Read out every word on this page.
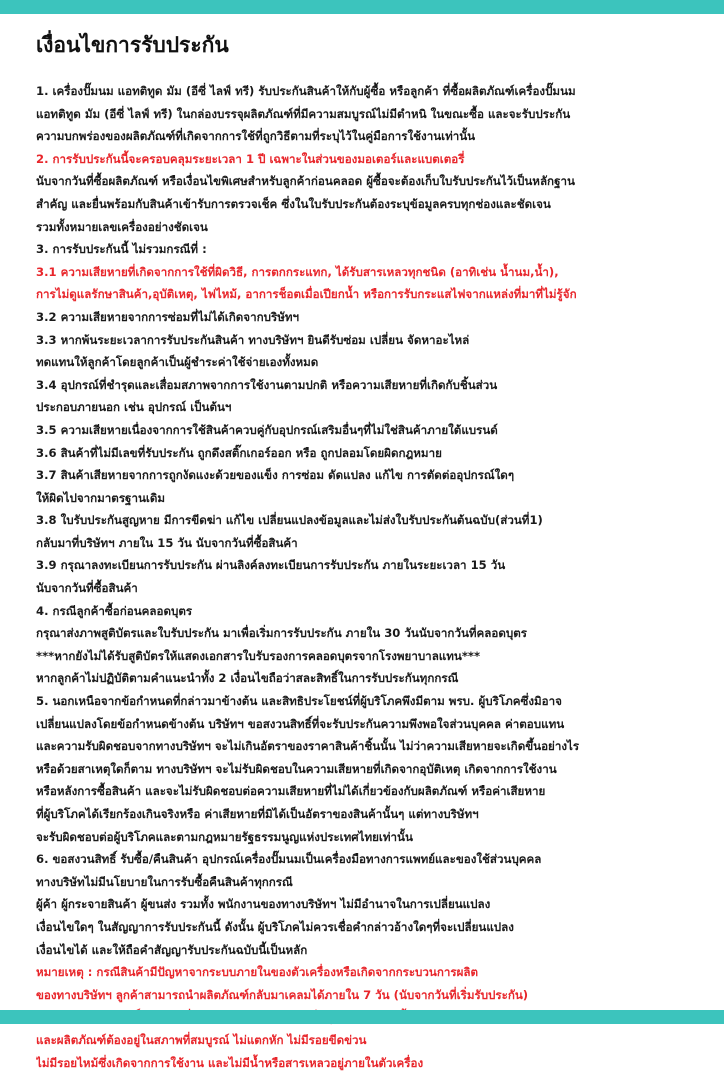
เงื่อนไขการรับประกัน
1. เครื่องปั๊มนม แอทติทูด มัม (อีซี่ ไลฟ์ ทรี) รับประกันสินค้าให้กับผู้ซื้อ หรือลูกค้า ที่ซื้อผลิตภัณฑ์เครื่องปั๊มนม
แอทติทูด มัม (อีซี่ ไลฟ์ ทรี) ในกล่องบรรจุผลิตภัณฑ์ที่มีความสมบูรณ์ไม่มีตำหนิ ในขณะซื้อ และจะรับประกัน
ความบกพร่องของผลิตภัณฑ์ที่เกิดจากการใช้ที่ถูกวิธีตามที่ระบุไว้ในคู่มือการใช้งานเท่านั้น
2. การรับประกันนี้จะครอบคลุมระยะเวลา 1 ปี เฉพาะในส่วนของมอเตอร์และแบตเตอรี่
นับจากวันที่ซื้อผลิตภัณฑ์ หรือเงื่อนไขพิเศษสำหรับลูกค้าก่อนคลอด ผู้ซื้อจะต้องเก็บใบรับประกันไว้เป็นหลักฐาน
สำคัญ และยื่นพร้อมกับสินค้าเข้ารับการตรวจเช็ค ซึ่งในใบรับประกันต้องระบุข้อมูลครบทุกช่องและชัดเจน
รวมทั้งหมายเลขเครื่องอย่างชัดเจน
3. การรับประกันนี้ ไม่รวมกรณีที่ :
3.1 ความเสียหายที่เกิดจากการใช้ที่ผิดวิธี, การตกกระแทก, ได้รับสารเหลวทุกชนิด (อาทิเช่น น้ำนม,น้ำ),
การไม่ดูแลรักษาสินค้า,อุบัติเหตุ, ไฟไหม้, อาการช็อตเมื่อเปียกน้ำ หรือการรับกระแสไฟจากแหล่งที่มาที่ไม่รู้จัก
3.2 ความเสียหายจากการซ่อมที่ไม่ได้เกิดจากบริษัทฯ
3.3 หากพ้นระยะเวลาการรับประกันสินค้า ทางบริษัทฯ ยินดีรับซ่อม เปลี่ยน จัดหาอะไหล่
ทดแทนให้ลูกค้าโดยลูกค้าเป็นผู้ชำระค่าใช้จ่ายเองทั้งหมด
3.4 อุปกรณ์ที่ชำรุดและเสื่อมสภาพจากการใช้งานตามปกติ หรือความเสียหายที่เกิดกับชิ้นส่วน
ประกอบภายนอก เช่น อุปกรณ์ เป็นต้นฯ
3.5 ความเสียหายเนื่องจากการใช้สินค้าควบคู่กับอุปกรณ์เสริมอื่นๆที่ไม่ใช่สินค้าภายใต้แบรนด์
3.6 สินค้าที่ไม่มีเลขที่รับประกัน ถูกดึงสติ๊กเกอร์ออก หรือ ถูกปลอมโดยผิดกฎหมาย
3.7 สินค้าเสียหายจากการถูกงัดแงะด้วยของแข็ง การซ่อม ดัดแปลง แก้ไข การตัดต่ออุปกรณ์ใดๆ
ให้ผิดไปจากมาตรฐานเดิม
3.8 ใบรับประกันสูญหาย มีการขีดฆ่า แก้ไข เปลี่ยนแปลงข้อมูลและไม่ส่งใบรับประกันต้นฉบับ(ส่วนที่1)
กลับมาที่บริษัทฯ ภายใน 15 วัน นับจากวันที่ซื้อสินค้า
3.9 กรุณาลงทะเบียนการรับประกัน ผ่านลิงค์ลงทะเบียนการรับประกัน ภายในระยะเวลา 15 วัน
นับจากวันที่ซื้อสินค้า
4. กรณีลูกค้าซื้อก่อนคลอดบุตร
กรุณาส่งภาพสูติบัตรและใบรับประกัน มาเพื่อเริ่มการรับประกัน ภายใน 30 วันนับจากวันที่คลอดบุตร
***หากยังไม่ได้รับสูติบัตรให้แสดงเอกสารใบรับรองการคลอดบุตรจากโรงพยาบาลแทน***
หากลูกค้าไม่ปฏิบัติตามคำแนะนำทั้ง 2 เงื่อนไขถือว่าสละสิทธิ์ในการรับประกันทุกกรณี
5. นอกเหนือจากข้อกำหนดที่กล่าวมาข้างต้น และสิทธิประโยชน์ที่ผู้บริโภคพึงมีตาม พรบ. ผู้บริโภคซึ่งมิอาจ
เปลี่ยนแปลงโดยข้อกำหนดข้างต้น บริษัทฯ ขอสงวนสิทธิ์ที่จะรับประกันความพึงพอใจส่วนบุคคล ค่าตอบแทน
และความรับผิดชอบจากทางบริษัทฯ จะไม่เกินอัตราของราคาสินค้าชิ้นนั้น ไม่ว่าความเสียหายจะเกิดขึ้นอย่างไร
หรือด้วยสาเหตุใดก็ตาม ทางบริษัทฯ จะไม่รับผิดชอบในความเสียหายที่เกิดจากอุบัติเหตุ เกิดจากการใช้งาน
หรือหลังการซื้อสินค้า และจะไม่รับผิดชอบต่อความเสียหายที่ไม่ได้เกี่ยวข้องกับผลิตภัณฑ์ หรือค่าเสียหาย
ที่ผู้บริโภคได้เรียกร้องเกินจริงหรือ ค่าเสียหายที่มิได้เป็นอัตราของสินค้านั้นๆ แต่ทางบริษัทฯ
จะรับผิดชอบต่อผู้บริโภคและตามกฎหมายรัฐธรรมนูญแห่งประเทศไทยเท่านั้น
6. ขอสงวนสิทธิ์ รับซื้อ/คืนสินค้า อุปกรณ์เครื่องปั๊มนมเป็นเครื่องมือทางการแพทย์และของใช้ส่วนบุคคล
ทางบริษัทไม่มีนโยบายในการรับซื้อคืนสินค้าทุกกรณี
ผู้ค้า ผู้กระจายสินค้า ผู้ขนส่ง รวมทั้ง พนักงานของทางบริษัทฯ ไม่มีอำนาจในการเปลี่ยนแปลง
เงื่อนไขใดๆ ในสัญญาการรับประกันนี้ ดังนั้น ผู้บริโภคไม่ควรเชื่อคำกล่าวอ้างใดๆที่จะเปลี่ยนแปลง
เงื่อนไขได้ และให้ถือคำสัญญารับประกันฉบับนี้เป็นหลัก
หมายเหตุ : กรณีสินค้ามีปัญหาจากระบบภายในของตัวเครื่องหรือเกิดจากกระบวนการผลิต
ของทางบริษัทฯ ลูกค้าสามารถนำผลิตภัณฑ์กลับมาเคลมได้ภายใน 7 วัน (นับจากวันที่เริ่มรับประกัน)
และผลิตภัณฑ์ต้องอยู่ในสภาพที่สมบูรณ์ ไม่แตกหัก ไม่มีรอยขีดข่วน
ไม่มีรอยไหม้ซึ่งเกิดจากการใช้งาน และไม่มีน้ำหรือสารเหลวอยู่ภายในตัวเครื่อง
